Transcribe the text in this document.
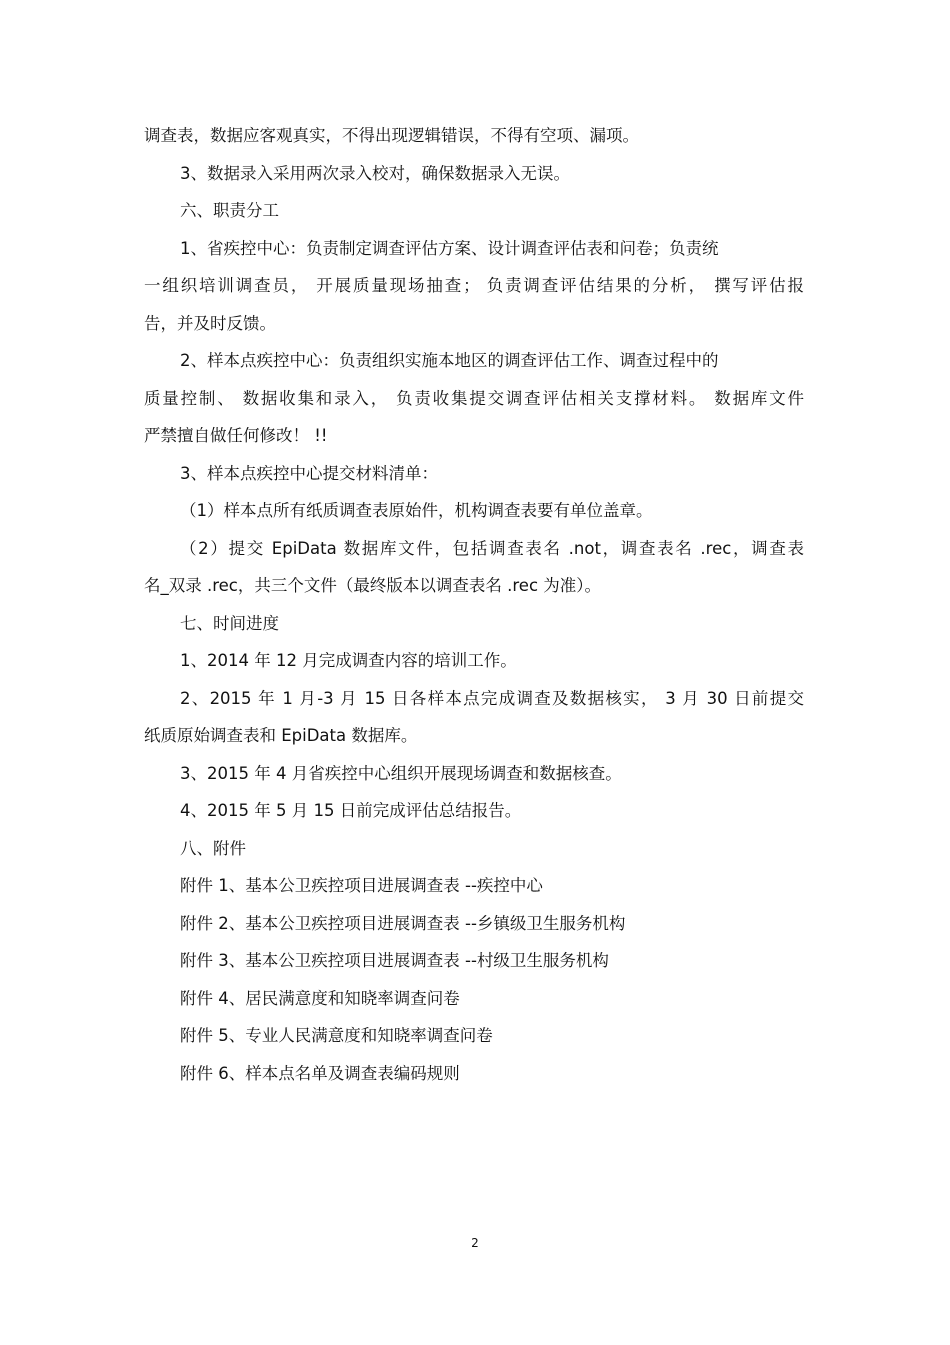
调查表，数据应客观真实，不得出现逻辑错误，不得有空项、漏项。
3、数据录入采用两次录入校对，确保数据录入无误。
六、职责分工
1、省疾控中心：负责制定调查评估方案、设计调查评估表和问卷；负责统
一组织培训调查员， 开展质量现场抽查； 负责调查评估结果的分析， 撰写评估报
告，并及时反馈。
2、样本点疾控中心：负责组织实施本地区的调查评估工作、调查过程中的
质量控制、 数据收集和录入， 负责收集提交调查评估相关支撑材料。 数据库文件
严禁擅自做任何修改！ !!
3、样本点疾控中心提交材料清单：
（1）样本点所有纸质调查表原始件，机构调查表要有单位盖章。
（2）提交 EpiData 数据库文件，包括调查表名 .not，调查表名 .rec，调查表
名_双录 .rec，共三个文件（最终版本以调查表名 .rec 为准）。
七、时间进度
1、2014 年 12 月完成调查内容的培训工作。
2、2015 年 1 月-3 月 15 日各样本点完成调查及数据核实， 3 月 30 日前提交
纸质原始调查表和 EpiData 数据库。
3、2015 年 4 月省疾控中心组织开展现场调查和数据核查。
4、2015 年 5 月 15 日前完成评估总结报告。
八、附件
附件 1、基本公卫疾控项目进展调查表 --疾控中心
附件 2、基本公卫疾控项目进展调查表 --乡镇级卫生服务机构
附件 3、基本公卫疾控项目进展调查表 --村级卫生服务机构
附件 4、居民满意度和知晓率调查问卷
附件 5、专业人民满意度和知晓率调查问卷
附件 6、样本点名单及调查表编码规则
2
